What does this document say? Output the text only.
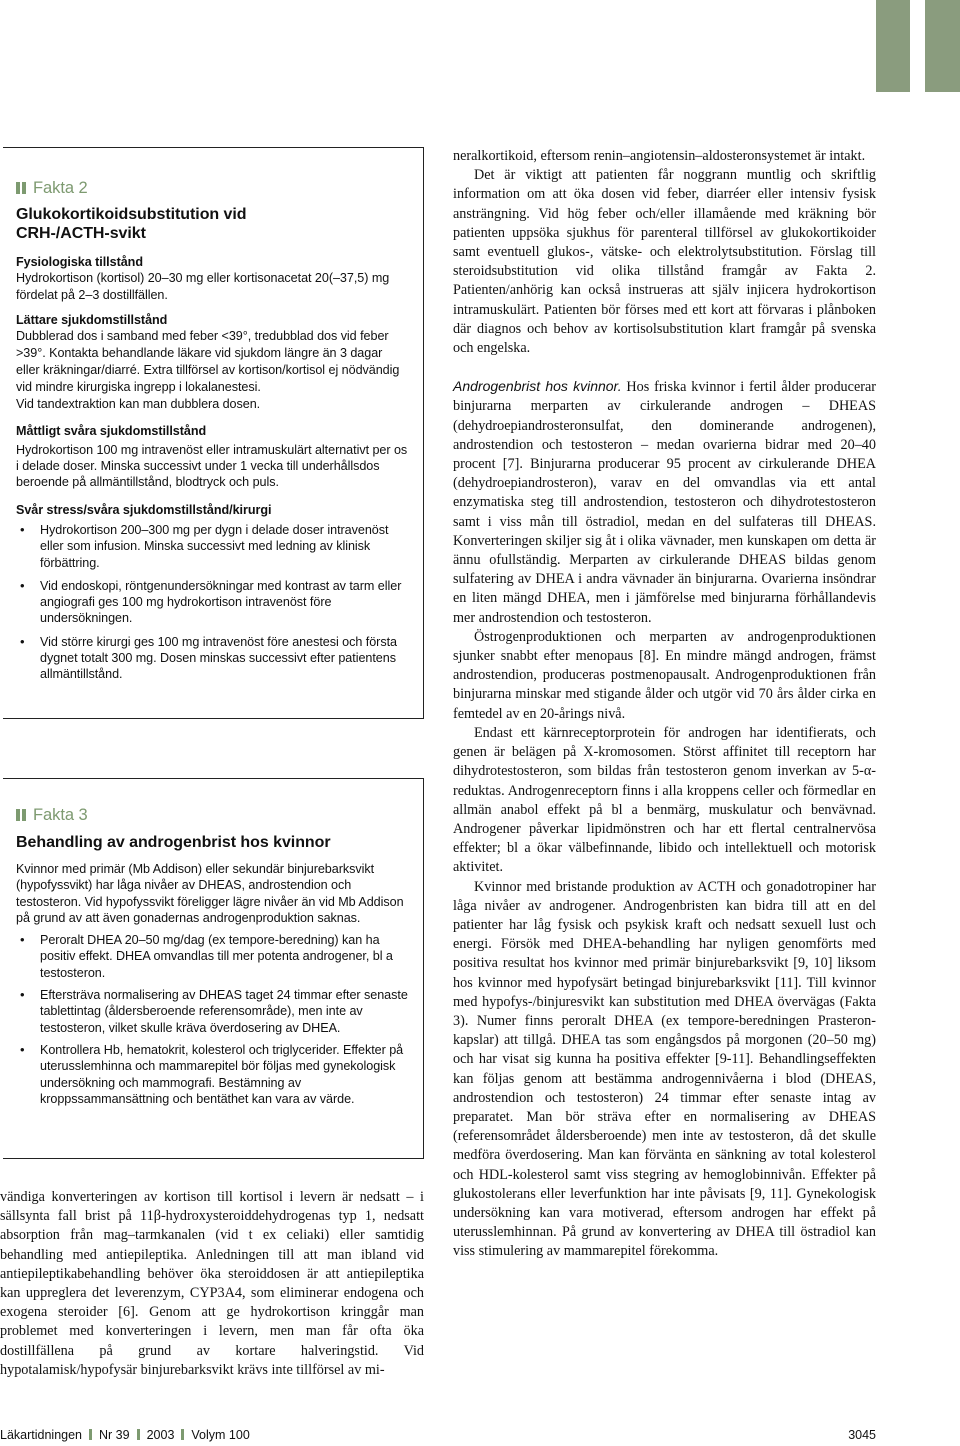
Fakta 2
Glukokortikoidsubstitution vid CRH-/ACTH-svikt
Fysiologiska tillstånd

Hydrokortison (kortisol) 20–30 mg eller kortisonacetat 20(–37,5) mg fördelat på 2–3 dostillfällen.

Lättare sjukdomstillstånd

Dubblerad dos i samband med feber <39°, tredubblad dos vid feber >39°. Kontakta behandlande läkare vid sjukdom längre än 3 dagar eller kräkningar/diarré. Extra tillförsel av kortison/kortisol ej nödvändig vid mindre kirurgiska ingrepp i lokalanestesi.

Vid tandextraktion kan man dubblera dosen.

Måttligt svåra sjukdomstillstånd

Hydrokortison 100 mg intravenöst eller intramuskulärt alternativt per os i delade doser. Minska successivt under 1 vecka till underhållsdos beroende på allmäntillstånd, blodtryck och puls.

Svår stress/svåra sjukdomstillstånd/kirurgi

• Hydrokortison 200–300 mg per dygn i delade doser intravenöst eller som infusion. Minska successivt med ledning av klinisk förbättring.

• Vid endoskopi, röntgenundersökningar med kontrast av tarm eller angiografi ges 100 mg hydrokortison intravenöst före undersökningen.

• Vid större kirurgi ges 100 mg intravenöst före anestesi och första dygnet totalt 300 mg. Dosen minskas successivt efter patientens allmäntillstånd.

Fakta 3
Behandling av androgenbrist hos kvinnor

Kvinnor med primär (Mb Addison) eller sekundär binjurebarksvikt (hypofyssvikt) har låga nivåer av DHEAS, androstendion och testosteron. Vid hypofyssvikt föreligger lägre nivåer än vid Mb Addison på grund av att även gonadernas androgenproduktion saknas.

• Peroralt DHEA 20–50 mg/dag (ex tempore-beredning) kan ha positiv effekt. DHEA omvandlas till mer potenta androgener, bl a testosteron.

• Eftersträva normalisering av DHEAS taget 24 timmar efter senaste tablettintag (åldersberoende referensområde), men inte av testosteron, vilket skulle kräva överdosering av DHEA.

• Kontrollera Hb, hematokrit, kolesterol och triglycerider. Effekter på uterusslemhinna och mammarepitel bör följas med gynekologisk undersökning och mammografi. Bestämning av kroppssammansättning och bentäthet kan vara av värde.

vändiga konverteringen av kortison till kortisol i levern är nedsatt – i sällsynta fall brist på 11β-hydroxysteroiddehydrogenas typ 1, nedsatt absorption från mag–tarmkanalen (vid t ex celiaki) eller samtidig behandling med antiepileptika. Anledningen till att man ibland vid antiepileptikabehandling behöver öka steroiddosen är att antiepileptika kan uppreglera det leverenzym, CYP3A4, som eliminerar endogena och exogena steroider [6]. Genom att ge hydrokortison kringgår man problemet med konverteringen i levern, men man får ofta öka dostillfällena på grund av kortare halveringstid. Vid hypotalamisk/hypofysär binjurebarksvikt krävs inte tillförsel av mi-

neralkortikoid, eftersom renin–angiotensin–aldosteronsystemet är intakt.

Det är viktigt att patienten får noggrann muntlig och skriftlig information om att öka dosen vid feber, diarréer eller intensiv fysisk ansträngning. Vid hög feber och/eller illamående med kräkning bör patienten uppsöka sjukhus för parenteral tillförsel av glukokortikoider samt eventuell glukos-, vätske- och elektrolytsubstitution. Förslag till steroidsubstitution vid olika tillstånd framgår av Fakta 2. Patienten/anhörig kan också instrueras att själv injicera hydrokortison intramuskulärt. Patienten bör förses med ett kort att förvaras i plånboken där diagnos och behov av kortisolsubstitution klart framgår på svenska och engelska.

Androgenbrist hos kvinnor. Hos friska kvinnor i fertil ålder producerar binjurarna merparten av cirkulerande androgen – DHEAS (dehydroepiandrosteronsulfat, den dominerande androgenen), androstendion och testosteron – medan ovarierna bidrar med 20–40 procent [7]. Binjurarna producerar 95 procent av cirkulerande DHEA (dehydroepiandrosteron), varav en del omvandlas via ett antal enzymatiska steg till androstendion, testosteron och dihydrotestosteron samt i viss mån till östradiol, medan en del sulfateras till DHEAS. Konverteringen skiljer sig åt i olika vävnader, men kunskapen om detta är ännu ofullständig. Merparten av cirkulerande DHEAS bildas genom sulfatering av DHEA i andra vävnader än binjurarna. Ovarierna insöndrar en liten mängd DHEA, men i jämförelse med binjurarna förhållandevis mer androstendion och testosteron.

Östrogenproduktionen och merparten av androgenproduktionen sjunker snabbt efter menopaus [8]. En mindre mängd androgen, främst androstendion, produceras postmenopausalt. Androgenproduktionen från binjurarna minskar med stigande ålder och utgör vid 70 års ålder cirka en femtedel av en 20-årings nivå.

Endast ett kärnreceptorprotein för androgen har identifierats, och genen är belägen på X-kromosomen. Störst affinitet till receptorn har dihydrotestosteron, som bildas från testosteron genom inverkan av 5-α-reduktas. Androgenreceptorn finns i alla kroppens celler och förmedlar en allmän anabol effekt på bl a benmärg, muskulatur och benvävnad. Androgener påverkar lipidmönstren och har ett flertal centralnervösa effekter; bl a ökar välbefinnande, libido och intellektuell och motorisk aktivitet.

Kvinnor med bristande produktion av ACTH och gonadotropiner har låga nivåer av androgener. Androgenbristen kan bidra till att en del patienter har låg fysisk och psykisk kraft och nedsatt sexuell lust och energi. Försök med DHEA-behandling har nyligen genomförts med positiva resultat hos kvinnor med primär binjurebarksvikt [9, 10] liksom hos kvinnor med hypofysärt betingad binjurebarksvikt [11]. Till kvinnor med hypofys-/binjuresvikt kan substitution med DHEA övervägas (Fakta 3). Numer finns peroralt DHEA (ex tempore-beredningen Prasteron-kapslar) att tillgå. DHEA tas som engångsdos på morgonen (20–50 mg) och har visat sig kunna ha positiva effekter [9-11]. Behandlingseffekten kan följas genom att bestämma androgennivåerna i blod (DHEAS, androstendion och testosteron) 24 timmar efter senaste intag av preparatet. Man bör sträva efter en normalisering av DHEAS (referensområdet åldersberoende) men inte av testosteron, då det skulle medföra överdosering. Man kan förvänta en sänkning av total kolesterol och HDL-kolesterol samt viss stegring av hemoglobinnivån. Effekter på glukostolerans eller leverfunktion har inte påvisats [9, 11]. Gynekologisk undersökning kan vara motiverad, eftersom androgen har effekt på uterusslemhinnan. På grund av konvertering av DHEA till östradiol kan viss stimulering av mammarepitel förekomma.

Läkartidningen Nr 39 2003 Volym 100	3045
